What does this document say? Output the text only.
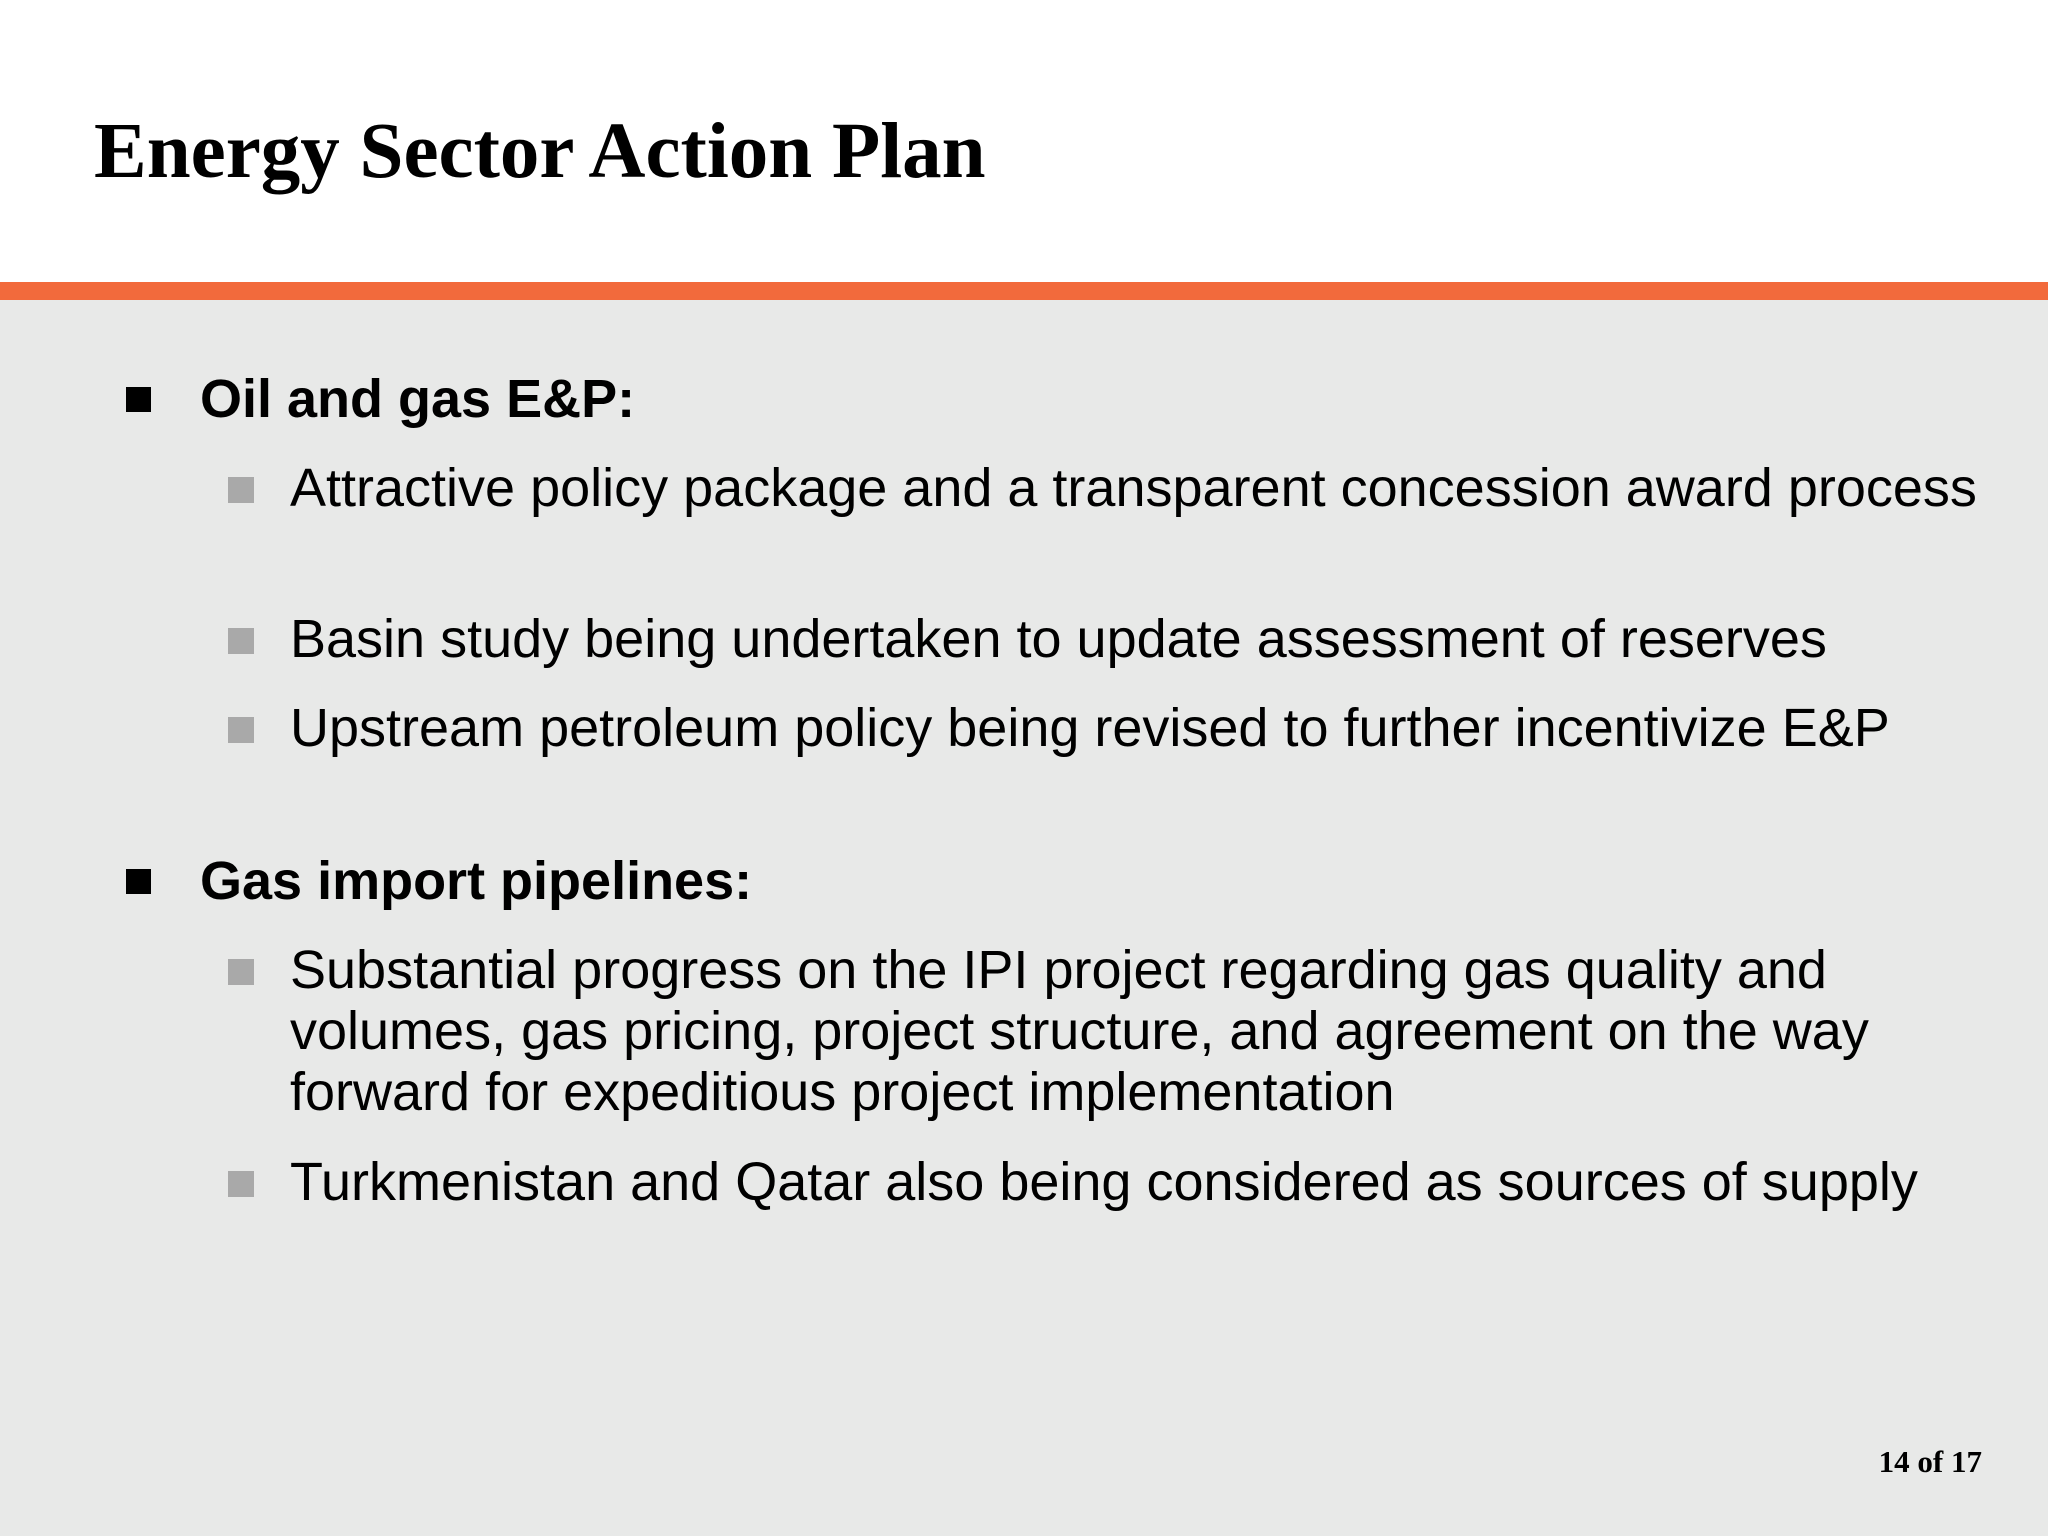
Energy Sector Action Plan
Oil and gas E&P:
Attractive policy package and a transparent concession award process
Basin study being undertaken to update assessment of reserves
Upstream petroleum policy being revised to further incentivize E&P
Gas import pipelines:
Substantial progress on the IPI project regarding gas quality and volumes, gas pricing, project structure, and agreement on the way forward for expeditious project implementation
Turkmenistan and Qatar also being considered as sources of supply
14 of 17
